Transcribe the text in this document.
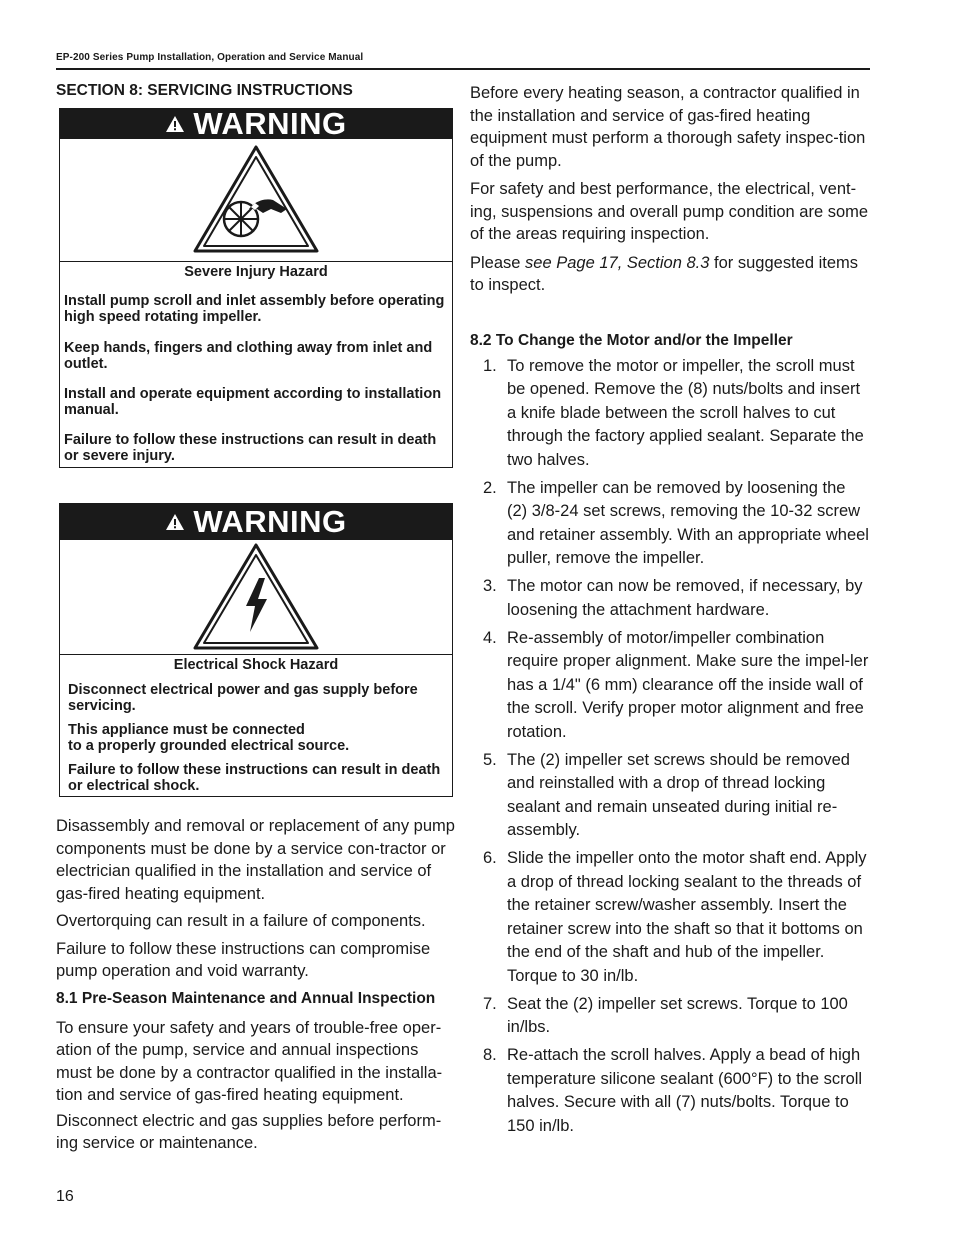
EP-200 Series Pump Installation, Operation and Service Manual
SECTION 8: SERVICING INSTRUCTIONS
WARNING
Severe Injury Hazard
Install pump scroll and inlet assembly before operating high speed rotating impeller.
Keep hands, fingers and clothing away from inlet and outlet.
Install and operate equipment according to installation manual.
Failure to follow these instructions can result in death or severe injury.
WARNING
Electrical Shock Hazard
Disconnect electrical power and gas supply before servicing.
This appliance must be connected
to a properly grounded electrical source.
Failure to follow these instructions can result in death or electrical shock.

Disassembly and removal or replacement of any pump components must be done by a service con-tractor or electrician qualified in the installation and service of gas-fired heating equipment.

Overtorquing can result in a failure of components.

Failure to follow these instructions can compromise pump operation and void warranty.

8.1 Pre-Season Maintenance and Annual Inspection

To ensure your safety and years of trouble-free oper-ation of the pump, service and annual inspections must be done by a contractor qualified in the installa-tion and service of gas-fired heating equipment.

Disconnect electric and gas supplies before perform-ing service or maintenance.

Before every heating season, a contractor qualified in the installation and service of gas-fired heating equipment must perform a thorough safety inspec-tion of the pump.

For safety and best performance, the electrical, vent-ing, suspensions and overall pump condition are some of the areas requiring inspection.

Please see Page 17, Section 8.3 for suggested items to inspect.

8.2 To Change the Motor and/or the Impeller
1. To remove the motor or impeller, the scroll must be opened. Remove the (8) nuts/bolts and insert a knife blade between the scroll halves to cut through the factory applied sealant. Separate the two halves.
2. The impeller can be removed by loosening the (2) 3/8-24 set screws, removing the 10-32 screw and retainer assembly. With an appropriate wheel puller, remove the impeller.
3. The motor can now be removed, if necessary, by loosening the attachment hardware.
4. Re-assembly of motor/impeller combination require proper alignment. Make sure the impel-ler has a 1/4" (6 mm) clearance off the inside wall of the scroll. Verify proper motor alignment and free rotation.
5. The (2) impeller set screws should be removed and reinstalled with a drop of thread locking sealant and remain unseated during initial re-assembly.
6. Slide the impeller onto the motor shaft end. Apply a drop of thread locking sealant to the threads of the retainer screw/washer assembly. Insert the retainer screw into the shaft so that it bottoms on the end of the shaft and hub of the impeller. Torque to 30 in/lb.
7. Seat the (2) impeller set screws. Torque to 100 in/lbs.
8. Re-attach the scroll halves. Apply a bead of high temperature silicone sealant (600°F) to the scroll halves. Secure with all (7) nuts/bolts. Torque to 150 in/lb.
16
